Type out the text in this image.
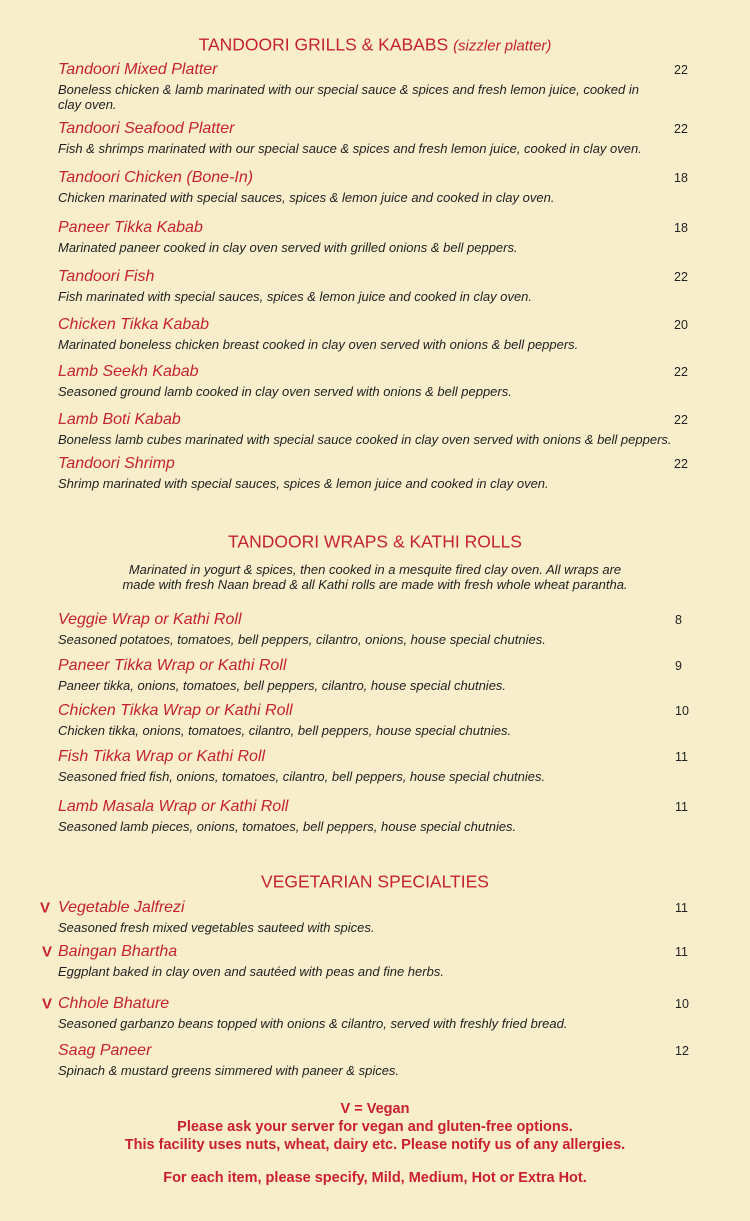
TANDOORI GRILLS & KABABS (sizzler platter)
TANDOORI WRAPS & KATHI ROLLS
Marinated in yogurt & spices, then cooked in a mesquite fired clay oven. All wraps are
made with fresh Naan bread & all Kathi rolls are made with fresh whole wheat parantha.
VEGETARIAN SPECIALTIES
V = Vegan
Please ask your server for vegan and gluten-free options.
This facility uses nuts, wheat, dairy etc. Please notify us of any allergies.
For each item, please specify, Mild, Medium, Hot or Extra Hot.
Tandoori Mixed Platter
Boneless chicken & lamb marinated with our special sauce & spices and fresh lemon juice, cooked in clay oven.
22
Tandoori Seafood Platter
Fish & shrimps marinated with our special sauce & spices and fresh lemon juice, cooked in clay oven.
22
Tandoori Chicken (Bone-In)
Chicken marinated with special sauces, spices & lemon juice and cooked in clay oven.
18
Paneer Tikka Kabab
Marinated paneer cooked in clay oven served with grilled onions & bell peppers.
18
Tandoori Fish
Fish marinated with special sauces, spices & lemon juice and cooked in clay oven.
22
Chicken Tikka Kabab
Marinated boneless chicken breast cooked in clay oven served with onions & bell peppers.
20
Lamb Seekh Kabab
Seasoned ground lamb cooked in clay oven served with onions & bell peppers.
22
Lamb Boti Kabab
Boneless lamb cubes marinated with special sauce cooked in clay oven served with onions & bell peppers.
22
Tandoori Shrimp
Shrimp marinated with special sauces, spices & lemon juice and cooked in clay oven.
22
Veggie Wrap or Kathi Roll
Seasoned potatoes, tomatoes, bell peppers, cilantro, onions, house special chutnies.
8
Paneer Tikka Wrap or Kathi Roll
Paneer tikka, onions, tomatoes, bell peppers, cilantro, house special chutnies.
9
Chicken Tikka Wrap or Kathi Roll
Chicken tikka, onions, tomatoes, cilantro, bell peppers, house special chutnies.
10
Fish Tikka Wrap or Kathi Roll
Seasoned fried fish, onions, tomatoes, cilantro, bell peppers, house special chutnies.
11
Lamb Masala Wrap or Kathi Roll
Seasoned lamb pieces, onions, tomatoes, bell peppers, house special chutnies.
11
V Vegetable Jalfrezi
Seasoned fresh mixed vegetables sauteed with spices.
11
V Baingan Bhartha
Eggplant baked in clay oven and sautéed with peas and fine herbs.
11
V Chhole Bhature
Seasoned garbanzo beans topped with onions & cilantro, served with freshly fried bread.
10
Saag Paneer
Spinach & mustard greens simmered with paneer & spices.
12
